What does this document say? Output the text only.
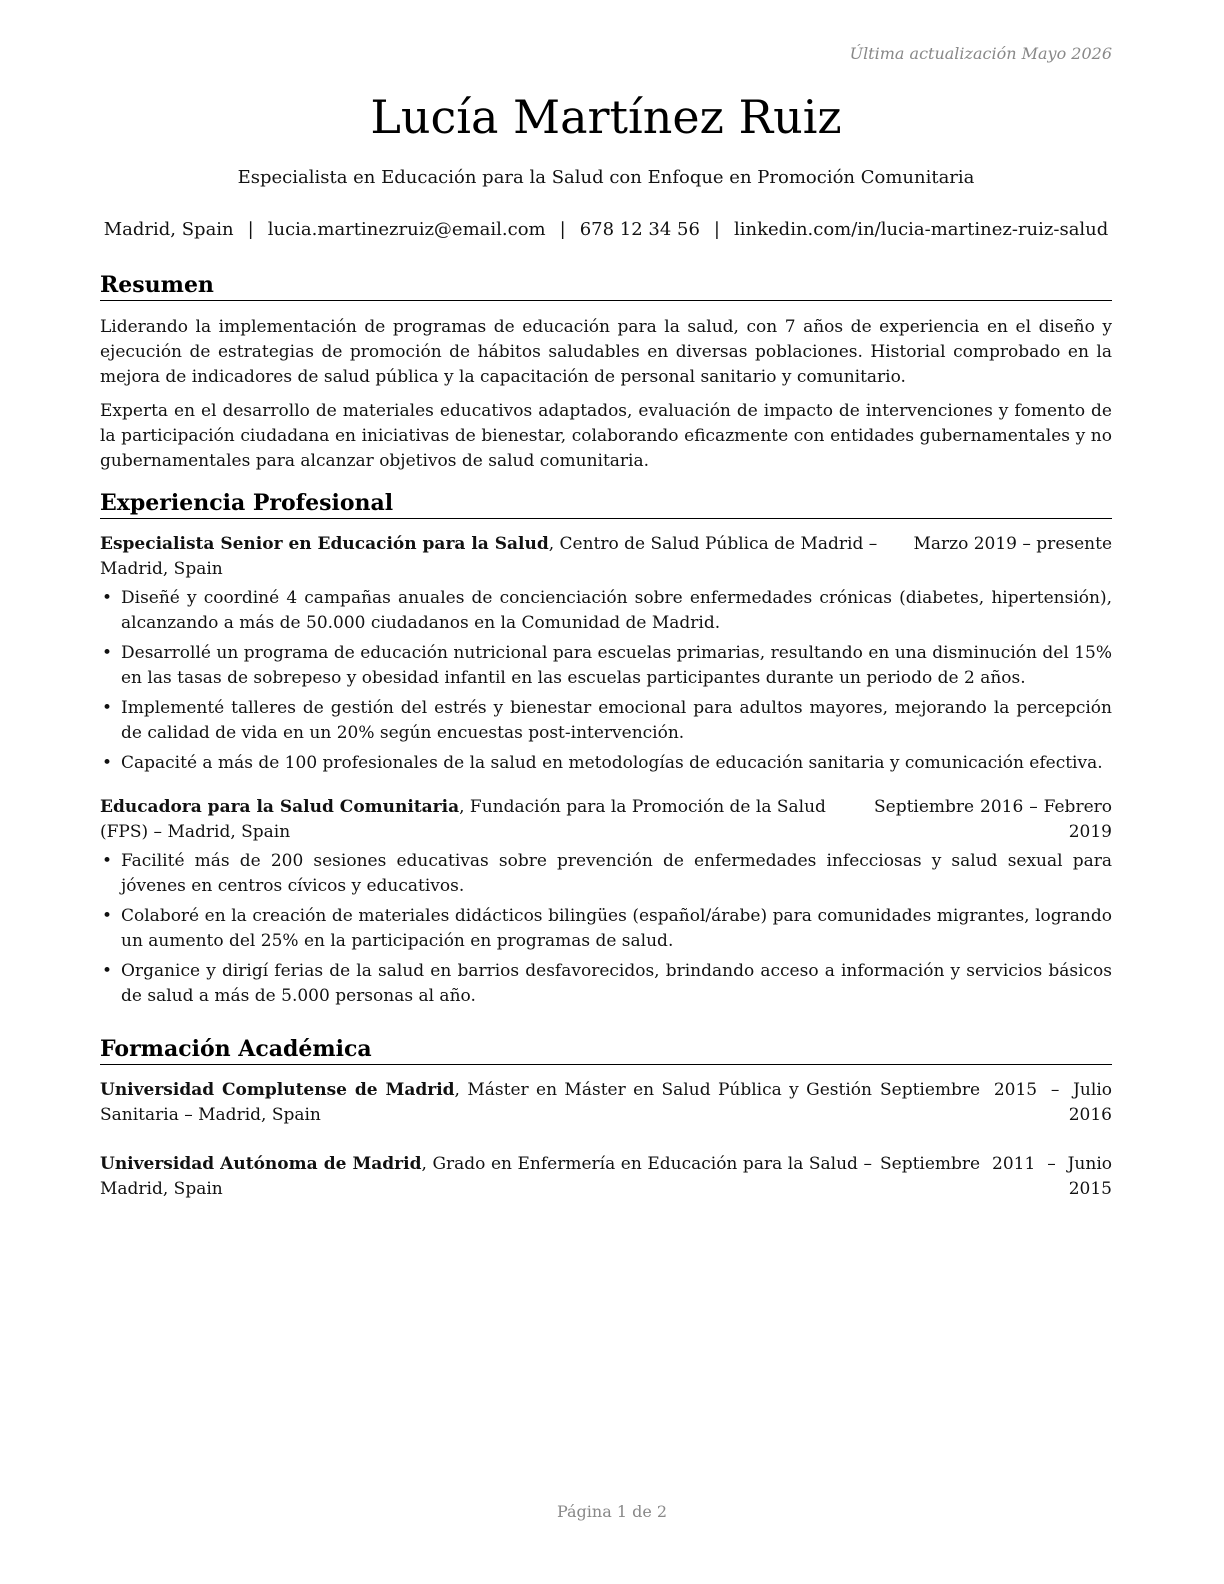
Última actualización Mayo 2026
Lucía Martínez Ruiz
Especialista en Educación para la Salud con Enfoque en Promoción Comunitaria
Madrid, Spain | lucia.martinezruiz@email.com | 678 12 34 56 | linkedin.com/in/lucia-martinez-ruiz-salud
Resumen

Liderando la implementación de programas de educación para la salud, con 7 años de experiencia en el diseño y ejecución de estrategias de promoción de hábitos saludables en diversas poblaciones. Historial comprobado en la mejora de indicadores de salud pública y la capacitación de personal sanitario y comunitario.

Experta en el desarrollo de materiales educativos adaptados, evaluación de impacto de intervenciones y fomento de la participación ciudadana en iniciativas de bienestar, colaborando eficazmente con entidades gubernamentales y no gubernamentales para alcanzar objetivos de salud comunitaria.

Experiencia Profesional
Especialista Senior en Educación para la Salud, Centro de Salud Pública de Madrid – Madrid, Spain
Marzo 2019 – presente
• Diseñé y coordiné 4 campañas anuales de concienciación sobre enfermedades crónicas (diabetes, hipertensión), alcanzando a más de 50.000 ciudadanos en la Comunidad de Madrid.
• Desarrollé un programa de educación nutricional para escuelas primarias, resultando en una disminución del 15% en las tasas de sobrepeso y obesidad infantil en las escuelas participantes durante un periodo de 2 años.
• Implementé talleres de gestión del estrés y bienestar emocional para adultos mayores, mejorando la percepción de calidad de vida en un 20% según encuestas post-intervención.
• Capacité a más de 100 profesionales de la salud en metodologías de educación sanitaria y comunicación efectiva.
Educadora para la Salud Comunitaria, Fundación para la Promoción de la Salud (FPS) – Madrid, Spain
Septiembre 2016 – Febrero 2019
• Facilité más de 200 sesiones educativas sobre prevención de enfermedades infecciosas y salud sexual para jóvenes en centros cívicos y educativos.
• Colaboré en la creación de materiales didácticos bilingües (español/árabe) para comunidades migrantes, logrando un aumento del 25% en la participación en programas de salud.
• Organice y dirigí ferias de la salud en barrios desfavorecidos, brindando acceso a información y servicios básicos de salud a más de 5.000 personas al año.
Formación Académica
Universidad Complutense de Madrid, Máster en Máster en Salud Pública y Gestión Sanitaria – Madrid, Spain
Septiembre 2015 – Julio 2016
Universidad Autónoma de Madrid, Grado en Enfermería en Educación para la Salud – Madrid, Spain
Septiembre 2011 – Junio 2015
Página 1 de 2
